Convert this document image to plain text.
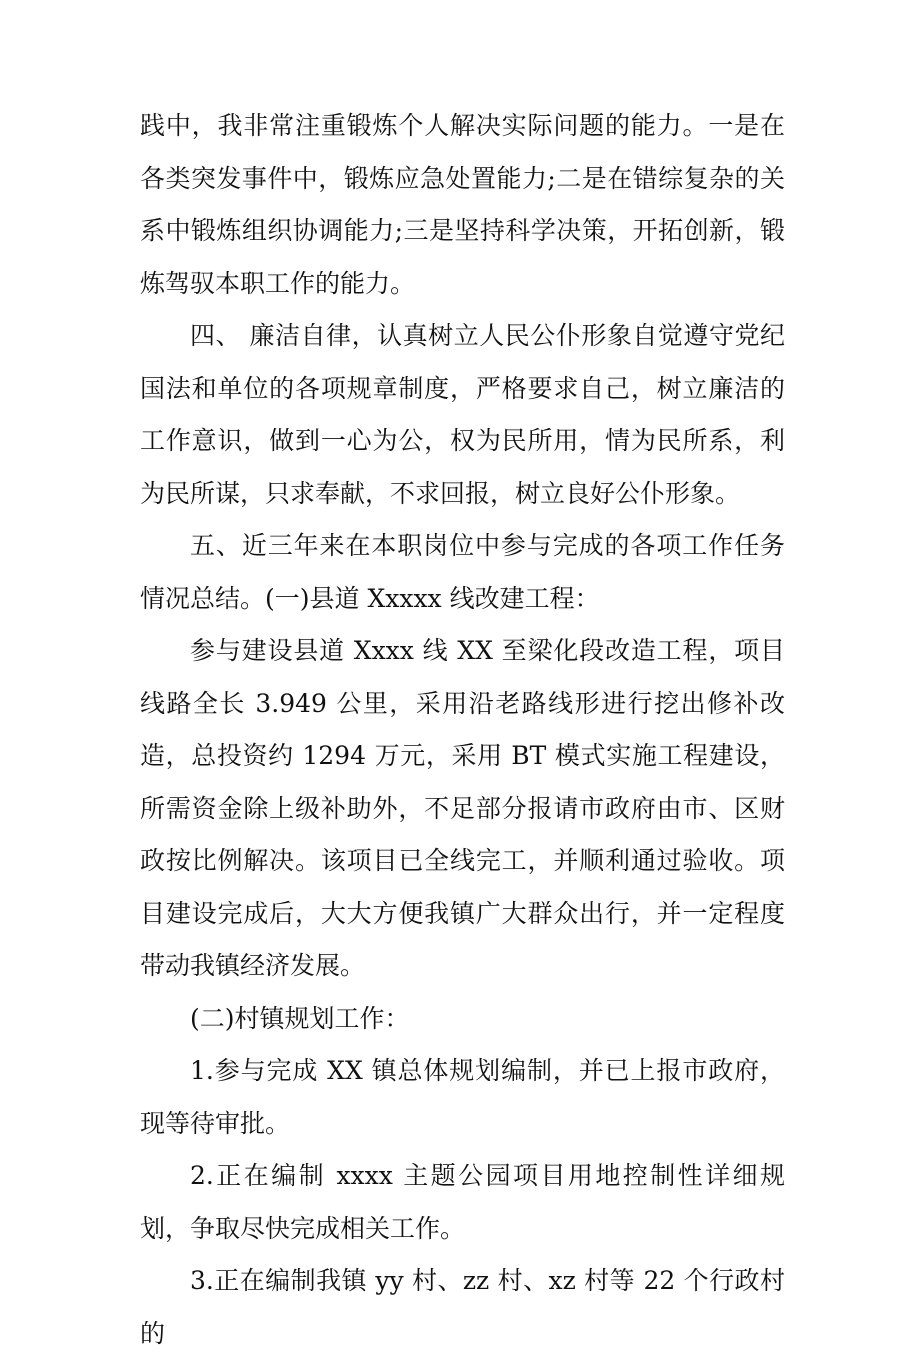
践中，我非常注重锻炼个人解决实际问题的能力。一是在各类突发事件中，锻炼应急处置能力;二是在错综复杂的关系中锻炼组织协调能力;三是坚持科学决策，开拓创新，锻炼驾驭本职工作的能力。

四、 廉洁自律，认真树立人民公仆形象自觉遵守党纪国法和单位的各项规章制度，严格要求自己，树立廉洁的工作意识，做到一心为公，权为民所用，情为民所系，利为民所谋，只求奉献，不求回报，树立良好公仆形象。

五、近三年来在本职岗位中参与完成的各项工作任务情况总结。(一)县道 Xxxxx 线改建工程：

参与建设县道 Xxxx 线 XX 至梁化段改造工程，项目线路全长 3.949 公里，采用沿老路线形进行挖出修补改造，总投资约 1294 万元，采用 BT 模式实施工程建设，所需资金除上级补助外，不足部分报请市政府由市、区财政按比例解决。该项目已全线完工，并顺利通过验收。项目建设完成后，大大方便我镇广大群众出行，并一定程度带动我镇经济发展。

(二)村镇规划工作：

1.参与完成 XX 镇总体规划编制，并已上报市政府，现等待审批。

2.正在编制 xxxx 主题公园项目用地控制性详细规划，争取尽快完成相关工作。

3.正在编制我镇 yy 村、zz 村、xz 村等 22 个行政村的
